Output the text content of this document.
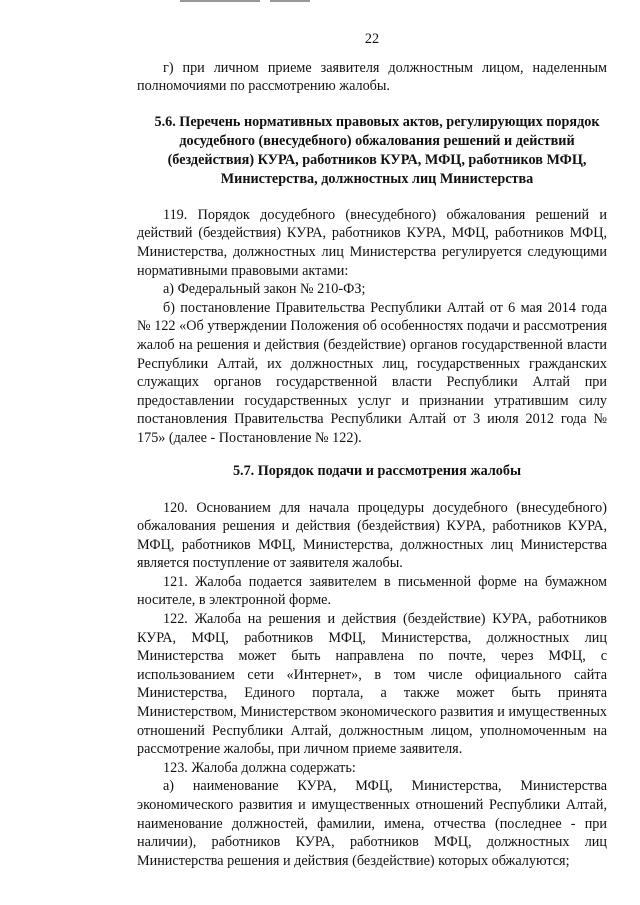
22

г) при личном приеме заявителя должностным лицом, наделенным полномочиями по рассмотрению жалобы.

5.6. Перечень нормативных правовых актов, регулирующих порядок досудебного (внесудебного) обжалования решений и действий (бездействия) КУРА, работников КУРА, МФЦ, работников МФЦ, Министерства, должностных лиц Министерства

119. Порядок досудебного (внесудебного) обжалования решений и действий (бездействия) КУРА, работников КУРА, МФЦ, работников МФЦ, Министерства, должностных лиц Министерства регулируется следующими нормативными правовыми актами:

а) Федеральный закон № 210-ФЗ;

б) постановление Правительства Республики Алтай от 6 мая 2014 года № 122 «Об утверждении Положения об особенностях подачи и рассмотрения жалоб на решения и действия (бездействие) органов государственной власти Республики Алтай, их должностных лиц, государственных гражданских служащих органов государственной власти Республики Алтай при предоставлении государственных услуг и признании утратившим силу постановления Правительства Республики Алтай от 3 июля 2012 года № 175» (далее - Постановление № 122).

5.7. Порядок подачи и рассмотрения жалобы

120. Основанием для начала процедуры досудебного (внесудебного) обжалования решения и действия (бездействия) КУРА, работников КУРА, МФЦ, работников МФЦ, Министерства, должностных лиц Министерства является поступление от заявителя жалобы.

121. Жалоба подается заявителем в письменной форме на бумажном носителе, в электронной форме.

122. Жалоба на решения и действия (бездействие) КУРА, работников КУРА, МФЦ, работников МФЦ, Министерства, должностных лиц Министерства может быть направлена по почте, через МФЦ, с использованием сети «Интернет», в том числе официального сайта Министерства, Единого портала, а также может быть принята Министерством, Министерством экономического развития и имущественных отношений Республики Алтай, должностным лицом, уполномоченным на рассмотрение жалобы, при личном приеме заявителя.

123. Жалоба должна содержать:

а) наименование КУРА, МФЦ, Министерства, Министерства экономического развития и имущественных отношений Республики Алтай, наименование должностей, фамилии, имена, отчества (последнее - при наличии), работников КУРА, работников МФЦ, должностных лиц Министерства решения и действия (бездействие) которых обжалуются;
